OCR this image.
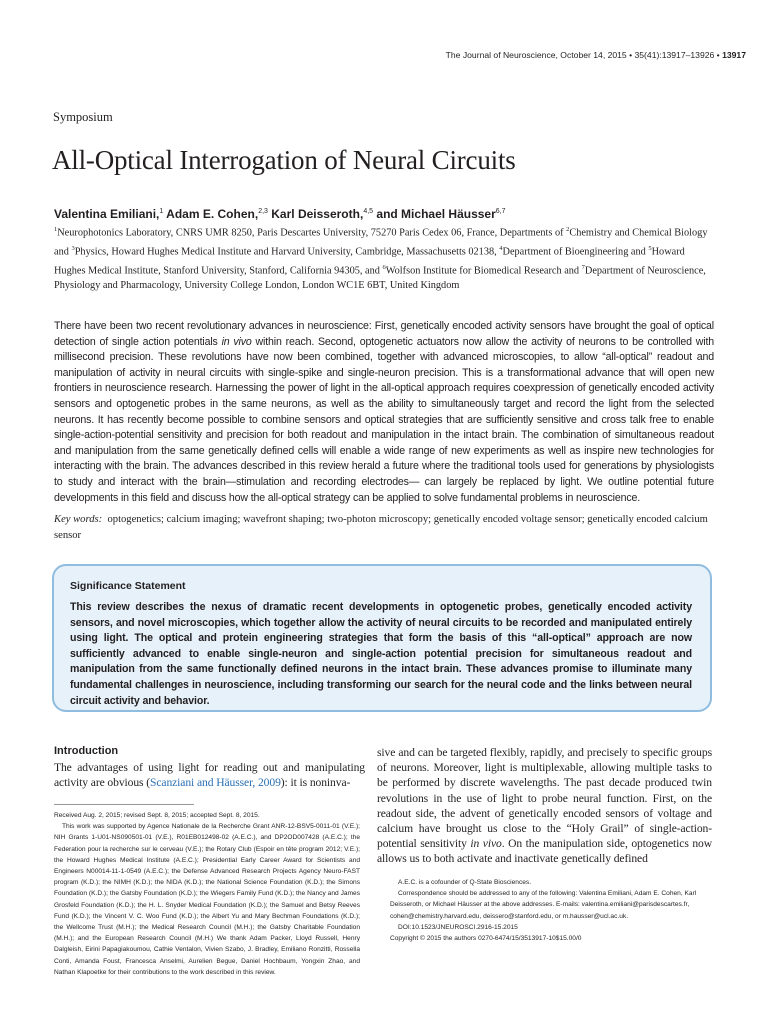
The Journal of Neuroscience, October 14, 2015 • 35(41):13917–13926 • 13917
Symposium
All-Optical Interrogation of Neural Circuits
Valentina Emiliani,$^1$ Adam E. Cohen,$^{2,3}$ Karl Deisseroth,$^{4,5}$ and Michael Häusser$^{6,7}$
$^1$Neurophotonics Laboratory, CNRS UMR 8250, Paris Descartes University, 75270 Paris Cedex 06, France, Departments of $^2$Chemistry and Chemical Biology and $^3$Physics, Howard Hughes Medical Institute and Harvard University, Cambridge, Massachusetts 02138, $^4$Department of Bioengineering and $^5$Howard Hughes Medical Institute, Stanford University, Stanford, California 94305, and $^6$Wolfson Institute for Biomedical Research and $^7$Department of Neuroscience, Physiology and Pharmacology, University College London, London WC1E 6BT, United Kingdom

There have been two recent revolutionary advances in neuroscience: First, genetically encoded activity sensors have brought the goal of optical detection of single action potentials in vivo within reach. Second, optogenetic actuators now allow the activity of neurons to be controlled with millisecond precision. These revolutions have now been combined, together with advanced microscopies, to allow “all-optical” readout and manipulation of activity in neural circuits with single-spike and single-neuron precision. This is a transformational advance that will open new frontiers in neuroscience research. Harnessing the power of light in the all-optical approach requires coexpression of genetically encoded activity sensors and optogenetic probes in the same neurons, as well as the ability to simultaneously target and record the light from the selected neurons. It has recently become possible to combine sensors and optical strategies that are sufficiently sensitive and cross talk free to enable single-action-potential sensitivity and precision for both readout and manipulation in the intact brain. The combination of simultaneous readout and manipulation from the same genetically defined cells will enable a wide range of new experiments as well as inspire new technologies for interacting with the brain. The advances described in this review herald a future where the traditional tools used for generations by physiologists to study and interact with the brain—stimulation and recording electrodes— can largely be replaced by light. We outline potential future developments in this field and discuss how the all-optical strategy can be applied to solve fundamental problems in neuroscience.

Key words: optogenetics; calcium imaging; wavefront shaping; two-photon microscopy; genetically encoded voltage sensor; genetically encoded calcium sensor
Significance Statement
This review describes the nexus of dramatic recent developments in optogenetic probes, genetically encoded activity sensors, and novel microscopies, which together allow the activity of neural circuits to be recorded and manipulated entirely using light. The optical and protein engineering strategies that form the basis of this “all-optical” approach are now sufficiently advanced to enable single-neuron and single-action potential precision for simultaneous readout and manipulation from the same functionally defined neurons in the intact brain. These advances promise to illuminate many fundamental challenges in neuroscience, including transforming our search for the neural code and the links between neural circuit activity and behavior.
Introduction
The advantages of using light for reading out and manipulating activity are obvious (Scanziani and Häusser, 2009): it is noninva-

Received Aug. 2, 2015; revised Sept. 8, 2015; accepted Sept. 8, 2015.

This work was supported by Agence Nationale de la Recherche Grant ANR-12-BSV5-0011-01 (V.E.); NIH Grants 1-U01-NS090501-01 (V.E.), R01EB012498-02 (A.E.C.), and DP2OD007428 (A.E.C.); the Federation pour la recherche sur le cerveau (V.E.); the Rotary Club (Espoir en tête program 2012; V.E.); the Howard Hughes Medical Institute (A.E.C.); Presidential Early Career Award for Scientists and Engineers N00014-11-1-0549 (A.E.C.); the Defense Advanced Research Projects Agency Neuro-FAST program (K.D.); the NIMH (K.D.); the NIDA (K.D.); the National Science Foundation (K.D.); the Simons Foundation (K.D.); the Gatsby Foundation (K.D.); the Wiegers Family Fund (K.D.); the Nancy and James Grosfeld Foundation (K.D.); the H. L. Snyder Medical Foundation (K.D.); the Samuel and Betsy Reeves Fund (K.D.); the Vincent V. C. Woo Fund (K.D.); the Albert Yu and Mary Bechman Foundations (K.D.); the Wellcome Trust (M.H.); the Medical Research Council (M.H.); the Gatsby Charitable Foundation (M.H.); and the European Research Council (M.H.) We thank Adam Packer, Lloyd Russell, Henry Dalgleish, Eirini Papagiakoumou, Cathie Ventalon, Vivien Szabo, J. Bradley, Emiliano Ronzitti, Rossella Conti, Amanda Foust, Francesca Anselmi, Aurelien Begue, Daniel Hochbaum, Yongxin Zhao, and Nathan Klapoetke for their contributions to the work described in this review.

sive and can be targeted flexibly, rapidly, and precisely to specific groups of neurons. Moreover, light is multiplexable, allowing multiple tasks to be performed by discrete wavelengths. The past decade produced twin revolutions in the use of light to probe neural function. First, on the readout side, the advent of genetically encoded sensors of voltage and calcium have brought us close to the “Holy Grail” of single-action-potential sensitivity in vivo. On the manipulation side, optogenetics now allows us to both activate and inactivate genetically defined

A.E.C. is a cofounder of Q-State Biosciences.

Correspondence should be addressed to any of the following: Valentina Emiliani, Adam E. Cohen, Karl Deisseroth, or Michael Häusser at the above addresses. E-mails: valentina.emiliani@parisdescartes.fr, cohen@chemistry.harvard.edu, deissero@stanford.edu, or m.hausser@ucl.ac.uk.

DOI:10.1523/JNEUROSCI.2916-15.2015

Copyright © 2015 the authors 0270-6474/15/3513917-10$15.00/0
